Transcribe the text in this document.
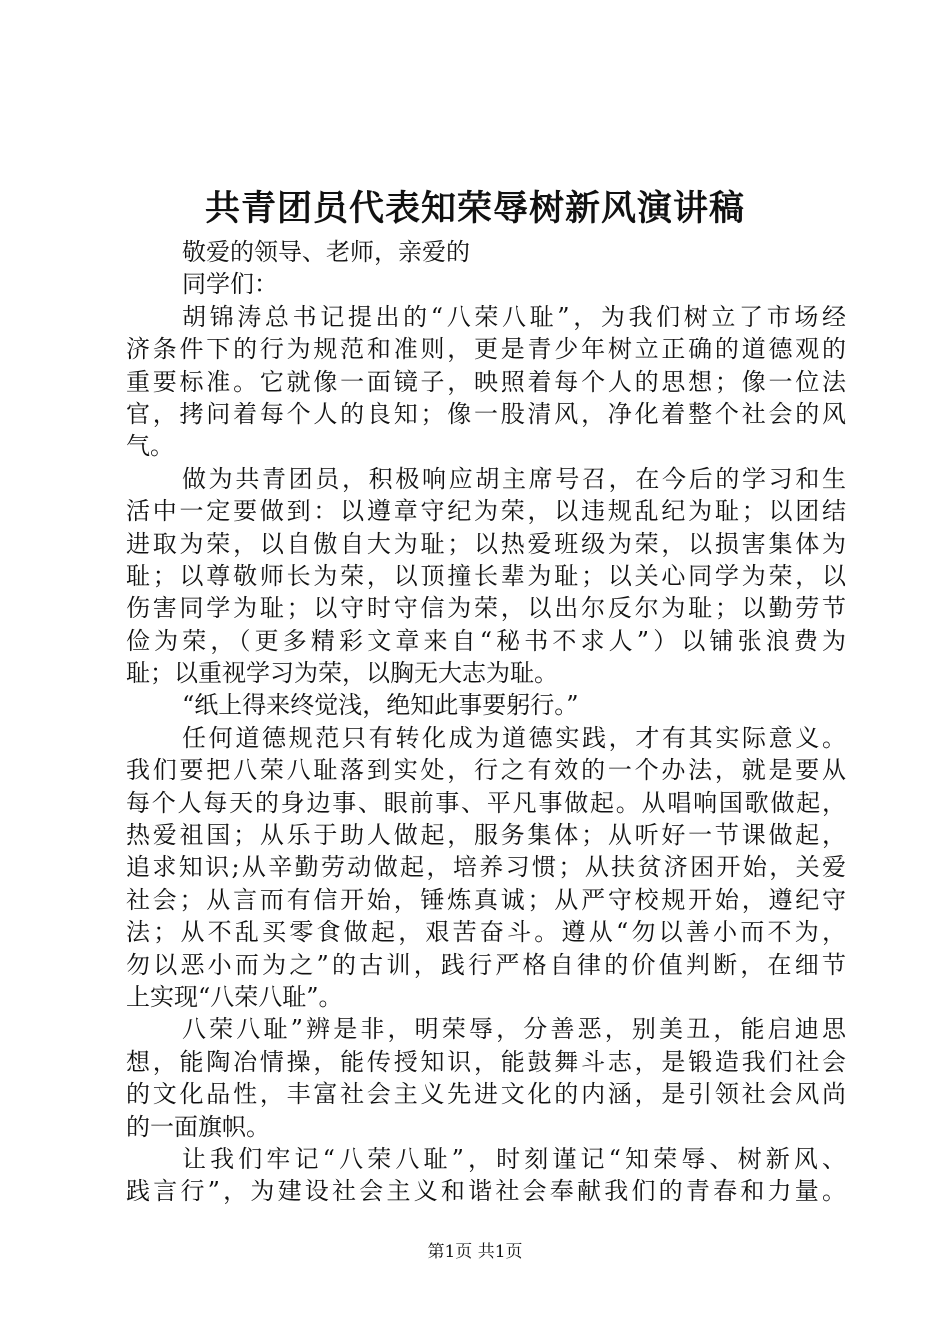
共青团员代表知荣辱树新风演讲稿
敬爱的领导、老师，亲爱的
同学们：
胡锦涛总书记提出的“八荣八耻”，为我们树立了市场经
济条件下的行为规范和准则，更是青少年树立正确的道德观的
重要标准。它就像一面镜子，映照着每个人的思想；像一位法
官，拷问着每个人的良知；像一股清风，净化着整个社会的风
气。
做为共青团员，积极响应胡主席号召，在今后的学习和生
活中一定要做到：以遵章守纪为荣，以违规乱纪为耻；以团结
进取为荣，以自傲自大为耻；以热爱班级为荣，以损害集体为
耻；以尊敬师长为荣，以顶撞长辈为耻；以关心同学为荣，以
伤害同学为耻；以守时守信为荣，以出尔反尔为耻；以勤劳节
俭为荣，（更多精彩文章来自“秘书不求人”）以铺张浪费为
耻；以重视学习为荣，以胸无大志为耻。
“纸上得来终觉浅，绝知此事要躬行。”
任何道德规范只有转化成为道德实践，才有其实际意义。
我们要把八荣八耻落到实处，行之有效的一个办法，就是要从
每个人每天的身边事、眼前事、平凡事做起。从唱响国歌做起，
热爱祖国；从乐于助人做起，服务集体；从听好一节课做起，
追求知识;从辛勤劳动做起，培养习惯；从扶贫济困开始，关爱
社会；从言而有信开始，锤炼真诚；从严守校规开始，遵纪守
法；从不乱买零食做起，艰苦奋斗。遵从“勿以善小而不为，
勿以恶小而为之”的古训，践行严格自律的价值判断，在细节
上实现“八荣八耻”。
八荣八耻”辨是非，明荣辱，分善恶，别美丑，能启迪思
想，能陶冶情操，能传授知识，能鼓舞斗志，是锻造我们社会
的文化品性，丰富社会主义先进文化的内涵，是引领社会风尚
的一面旗帜。
让我们牢记“八荣八耻”，时刻谨记“知荣辱、树新风、
践言行”，为建设社会主义和谐社会奉献我们的青春和力量。
第1页 共1页
